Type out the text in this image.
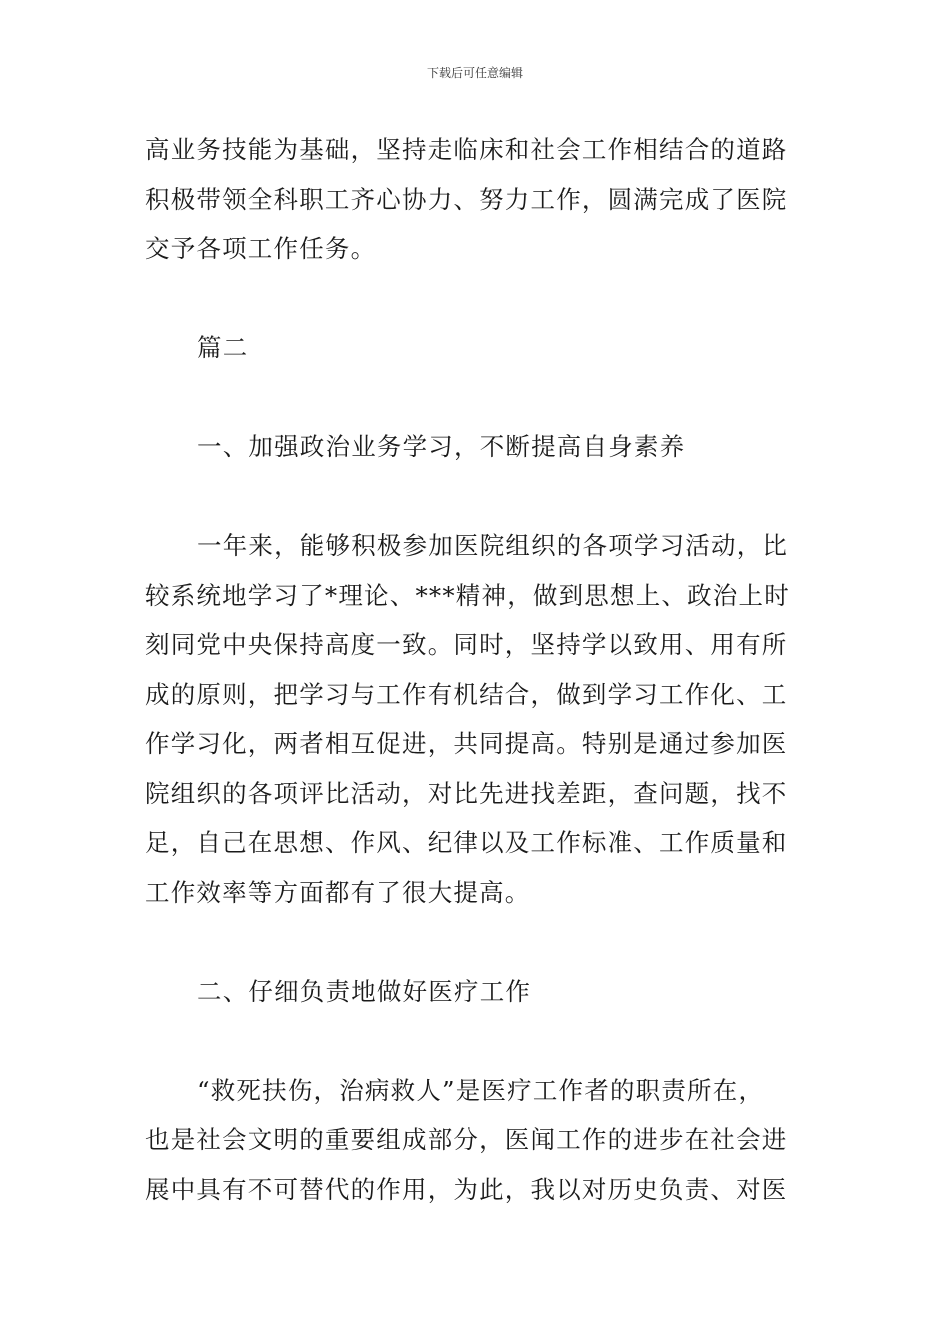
下载后可任意编辑
高业务技能为基础，坚持走临床和社会工作相结合的道路
积极带领全科职工齐心协力、努力工作，圆满完成了医院
交予各项工作任务。
篇二
一、加强政治业务学习，不断提高自身素养
一年来，能够积极参加医院组织的各项学习活动，比
较系统地学习了*理论、***精神，做到思想上、政治上时
刻同党中央保持高度一致。同时，坚持学以致用、用有所
成的原则，把学习与工作有机结合，做到学习工作化、工
作学习化，两者相互促进，共同提高。特别是通过参加医
院组织的各项评比活动，对比先进找差距，查问题，找不
足，自己在思想、作风、纪律以及工作标准、工作质量和
工作效率等方面都有了很大提高。
二、仔细负责地做好医疗工作
“救死扶伤，治病救人”是医疗工作者的职责所在，
也是社会文明的重要组成部分，医闻工作的进步在社会进
展中具有不可替代的作用，为此，我以对历史负责、对医
